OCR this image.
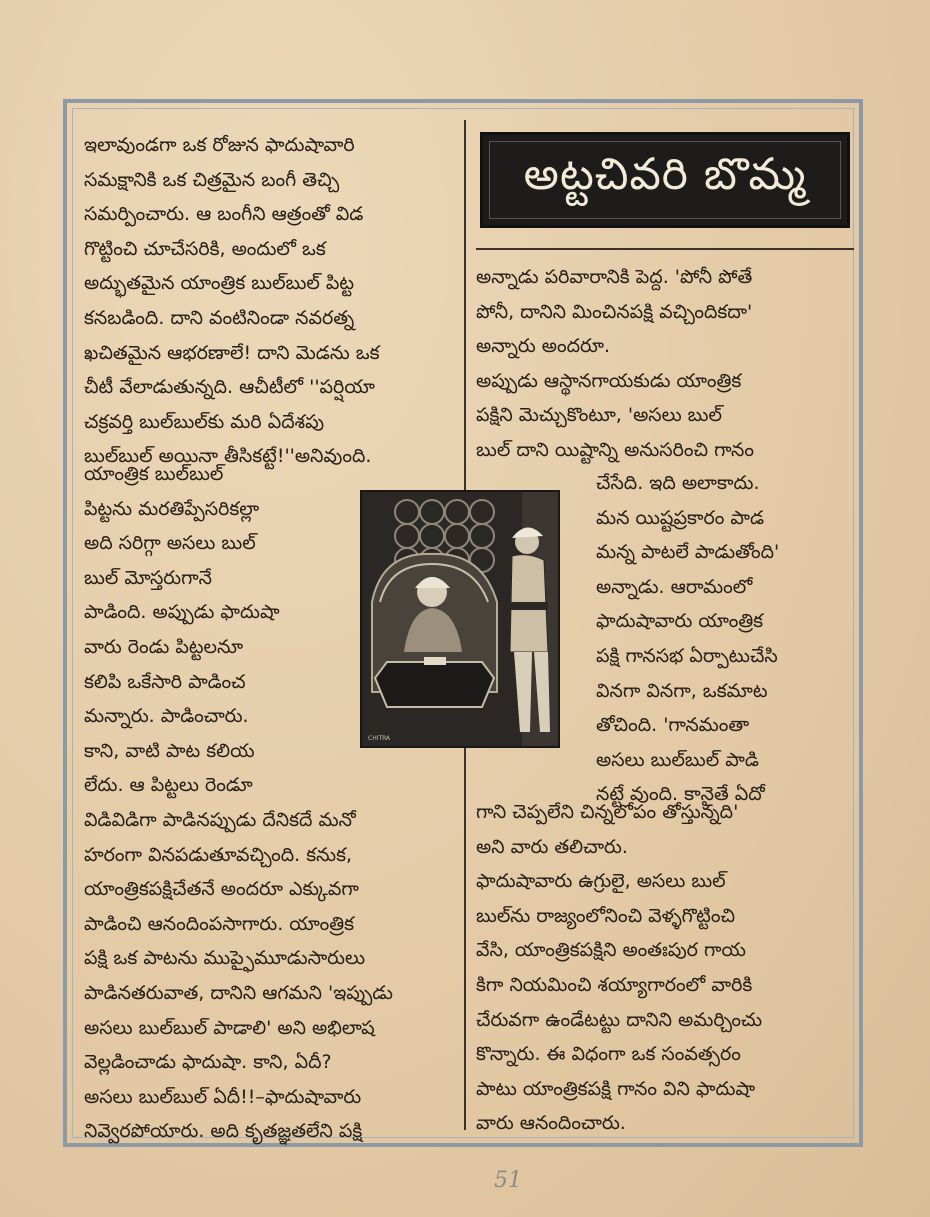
అట్టచివరి బొమ్మ

ఇలావుండగా ఒక రోజున ఫాదుషావారి

సమక్షానికి ఒక చిత్రమైన బంగీ తెచ్చి

సమర్పించారు. ఆ బంగీని ఆత్రంతో విడ

గొట్టించి చూచేసరికి, అందులో ఒక

అద్భుతమైన యాంత్రిక బుల్‌బుల్ పిట్ట

కనబడింది. దాని వంటినిండా నవరత్న

ఖచితమైన ఆభరణాలే! దాని మెడను ఒక

చీటీ వేలాడుతున్నది. ఆచీటీలో ''పర్షియా

చక్రవర్తి బుల్‌బుల్‌కు మరి ఏదేశపు

బుల్‌బుల్ అయినా తీసికట్టే!''అనివుంది.

యాంత్రిక బుల్‌బుల్

పిట్టను మరతిప్పేసరికల్లా

అది సరిగ్గా అసలు బుల్

బుల్ మోస్తరుగానే

పాడింది. అప్పుడు ఫాదుషా

వారు రెండు పిట్టలనూ

కలిపి ఒకేసారి పాడించ

మన్నారు. పాడించారు.

కాని, వాటి పాట కలియ

లేదు. ఆ పిట్టలు రెండూ

విడివిడిగా పాడినప్పుడు దేనికదే మనో

హరంగా వినపడుతూవచ్చింది. కనుక,

యాంత్రికపక్షిచేతనే అందరూ ఎక్కువగా

పాడించి ఆనందింపసాగారు. యాంత్రిక

పక్షి ఒక పాటను ముప్ఫైమూడుసారులు

పాడినతరువాత, దానిని ఆగమని 'ఇప్పుడు

అసలు బుల్‌బుల్ పాడాలి' అని అభిలాష

వెల్లడించాడు ఫాదుషా. కాని, ఏదీ?

అసలు బుల్‌బుల్ ఏదీ!!–ఫాదుషావారు

నివ్వెరపోయారు. అది కృతజ్ఞతలేని పక్షి

అన్నాడు పరివారానికి పెద్ద. 'పోనీ పోతే

పోనీ, దానిని మించినపక్షి వచ్చిందికదా'

అన్నారు అందరూ.

అప్పుడు ఆస్థానగాయకుడు యాంత్రిక

పక్షిని మెచ్చుకొంటూ, 'అసలు బుల్

బుల్ దాని యిష్టాన్ని అనుసరించి గానం

చేసేది. ఇది అలాకాదు.

మన యిష్టప్రకారం పాడ

మన్న పాటలే పాడుతోంది'

అన్నాడు. ఆరామంలో

ఫాదుషావారు యాంత్రిక

పక్షి గానసభ ఏర్పాటుచేసి

వినగా వినగా, ఒకమాట

తోచింది. 'గానమంతా

అసలు బుల్‌బుల్ పాడి

నట్టే వుంది. కానైతే ఏదో

గాని చెప్పలేని చిన్నలోపం తోస్తున్నది'

అని వారు తలిచారు.

ఫాదుషావారు ఉగ్రులై, అసలు బుల్

బుల్‌ను రాజ్యంలోనించి వెళ్ళగొట్టించి

వేసి, యాంత్రికపక్షిని అంతఃపుర గాయ

కిగా నియమించి శయ్యాగారంలో వారికి

చేరువగా ఉండేటట్టు దానిని అమర్చించు

కొన్నారు. ఈ విధంగా ఒక సంవత్సరం

పాటు యాంత్రికపక్షి గానం విని ఫాదుషా

వారు ఆనందించారు.

CHITRA
51
